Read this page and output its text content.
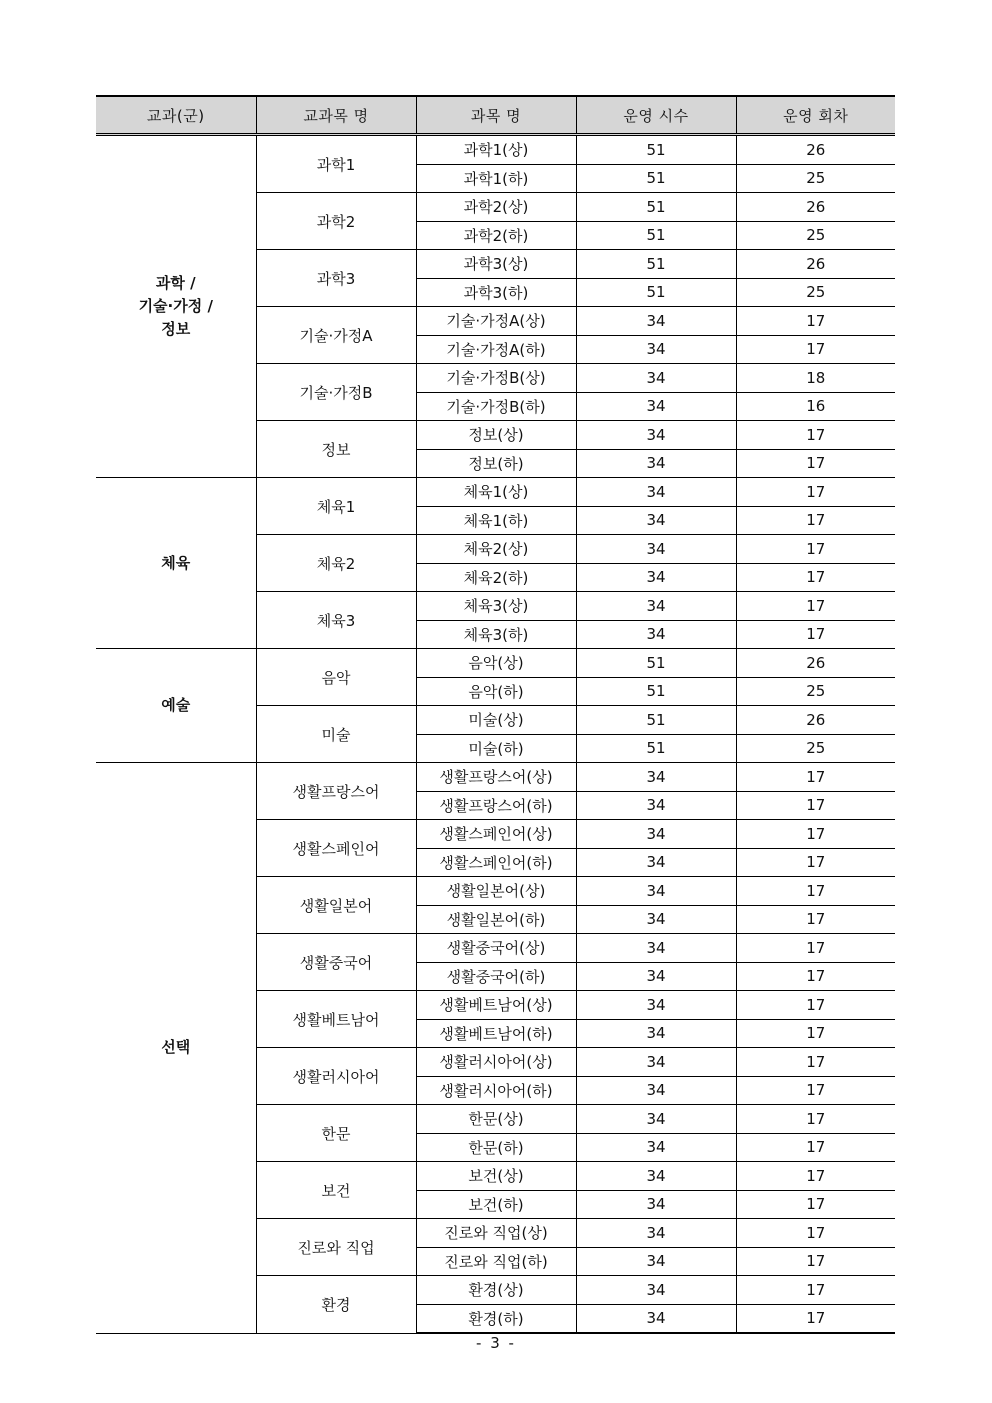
교과(군)	교과목 명	과목 명	운영 시수	운영 회차

과학 /
기술·가정 /
정보	과학1	과학1(상)	51	26
		과학1(하)	51	25
	과학2	과학2(상)	51	26
		과학2(하)	51	25
	과학3	과학3(상)	51	26
		과학3(하)	51	25
	기술·가정A	기술·가정A(상)	34	17
		기술·가정A(하)	34	17
	기술·가정B	기술·가정B(상)	34	18
		기술·가정B(하)	34	16
	정보	정보(상)	34	17
		정보(하)	34	17

체육	체육1	체육1(상)	34	17
		체육1(하)	34	17
	체육2	체육2(상)	34	17
		체육2(하)	34	17
	체육3	체육3(상)	34	17
		체육3(하)	34	17

예술	음악	음악(상)	51	26
		음악(하)	51	25
	미술	미술(상)	51	26
		미술(하)	51	25

선택	생활프랑스어	생활프랑스어(상)	34	17
		생활프랑스어(하)	34	17
	생활스페인어	생활스페인어(상)	34	17
		생활스페인어(하)	34	17
	생활일본어	생활일본어(상)	34	17
		생활일본어(하)	34	17
	생활중국어	생활중국어(상)	34	17
		생활중국어(하)	34	17
	생활베트남어	생활베트남어(상)	34	17
		생활베트남어(하)	34	17
	생활러시아어	생활러시아어(상)	34	17
		생활러시아어(하)	34	17
	한문	한문(상)	34	17
		한문(하)	34	17
	보건	보건(상)	34	17
		보건(하)	34	17
	진로와 직업	진로와 직업(상)	34	17
		진로와 직업(하)	34	17
	환경	환경(상)	34	17
		환경(하)	34	17
- 3 -
